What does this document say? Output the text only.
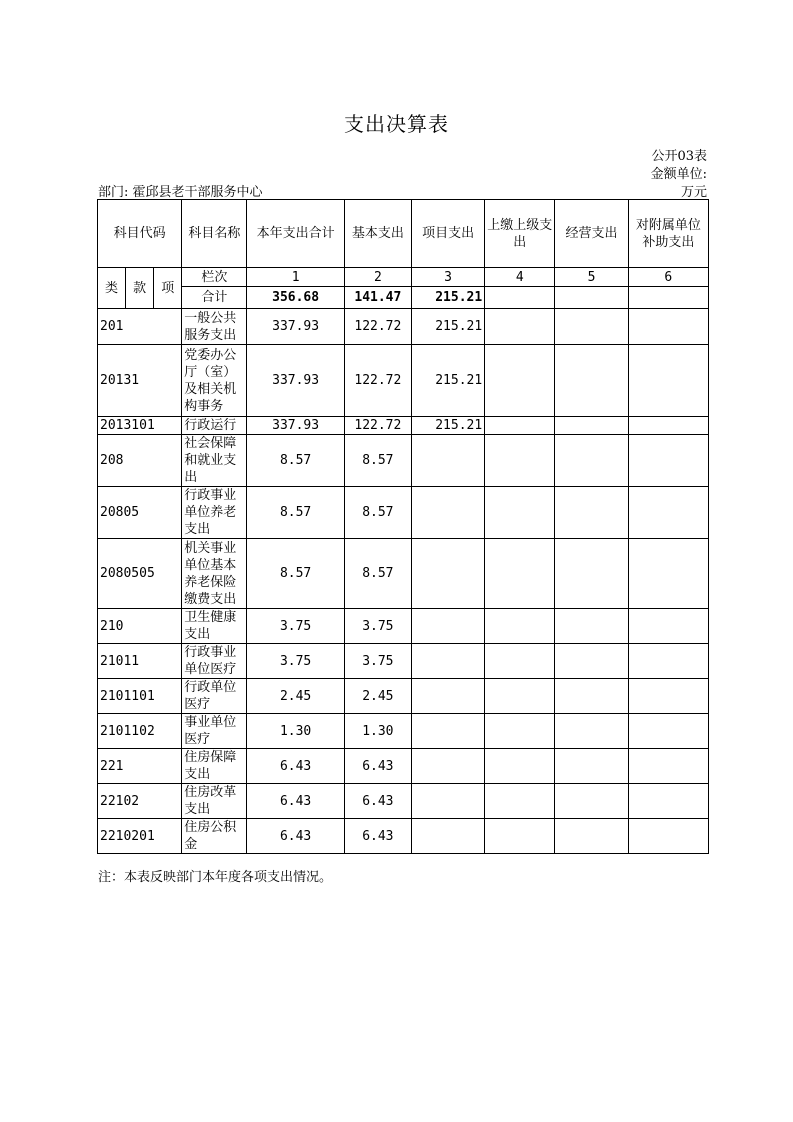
支出决算表
公开03表
金额单位:
部门: 霍邱县老干部服务中心	万元
科目代码			科目名称	本年支出合计	基本支出	项目支出	上缴上级支出	经营支出	对附属单位补助支出
类	款	项	栏次	1	2	3	4	5	6
			合计	356.68	141.47	215.21			
201			一般公共服务支出	337.93	122.72	215.21			
20131			党委办公厅（室）及相关机构事务	337.93	122.72	215.21			
2013101			行政运行	337.93	122.72	215.21			
208			社会保障和就业支出	8.57	8.57				
20805			行政事业单位养老支出	8.57	8.57				
2080505			机关事业单位基本养老保险缴费支出	8.57	8.57				
210			卫生健康支出	3.75	3.75				
21011			行政事业单位医疗	3.75	3.75				
2101101			行政单位医疗	2.45	2.45				
2101102			事业单位医疗	1.30	1.30				
221			住房保障支出	6.43	6.43				
22102			住房改革支出	6.43	6.43				
2210201			住房公积金	6.43	6.43				
注：本表反映部门本年度各项支出情况。
